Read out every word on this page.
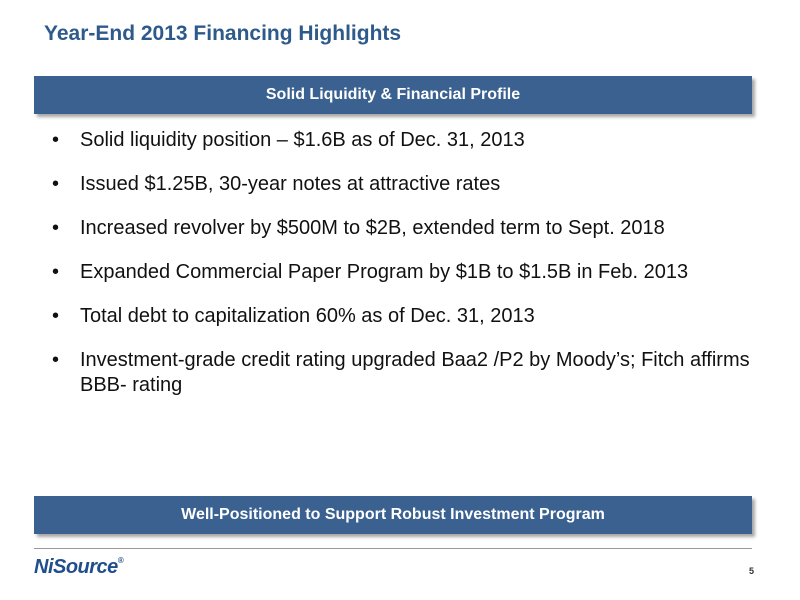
Year-End 2013 Financing Highlights
Solid Liquidity & Financial Profile
• Solid liquidity position – $1.6B as of Dec. 31, 2013
• Issued $1.25B, 30-year notes at attractive rates
• Increased revolver by $500M to $2B, extended term to Sept. 2018
• Expanded Commercial Paper Program by $1B to $1.5B in Feb. 2013
• Total debt to capitalization 60% as of Dec. 31, 2013
• Investment-grade credit rating upgraded Baa2 /P2 by Moody’s; Fitch affirms BBB- rating
Well-Positioned to Support Robust Investment Program
NiSource®
5
